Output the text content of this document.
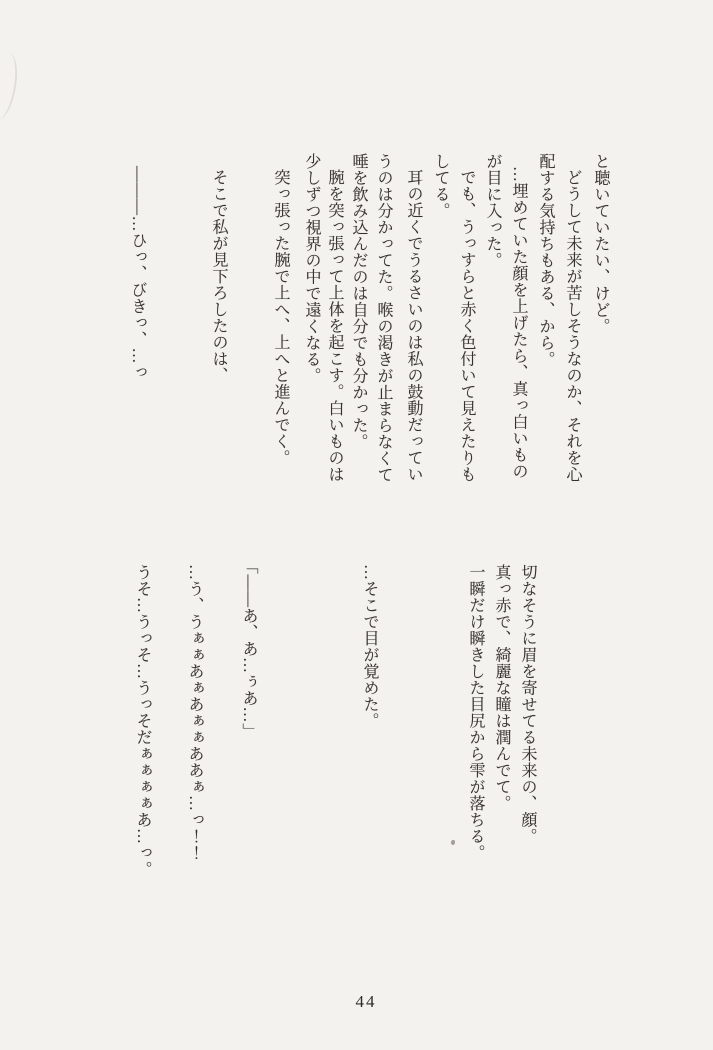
と聴いていたい、けど。
どうして未来が苦しそうなのか、それを心
配する気持ちもある、から。
…埋めていた顔を上げたら、真っ白いもの
が目に入った。
でも、うっすらと赤く色付いて見えたりも
してる。
耳の近くでうるさいのは私の鼓動だってい
うのは分かってた。喉の渇きが止まらなくて
唾を飲み込んだのは自分でも分かった。
腕を突っ張って上体を起こす。白いものは
少しずつ視界の中で遠くなる。
突っ張った腕で上へ、上へと進んでく。
そこで私が見下ろしたのは、
―――…ひっ、びきっ、…っ
切なそうに眉を寄せてる未来の、顔。
真っ赤で、綺麗な瞳は潤んでて。
一瞬だけ瞬きした目尻から雫が落ちる。
…そこで目が覚めた。
「――あ、あ…ぅあ…」
…う、うぁぁあぁあぁぁああぁ…っ！！
うそ…うっそ…うっそだぁぁぁぁあ…っ。
44
